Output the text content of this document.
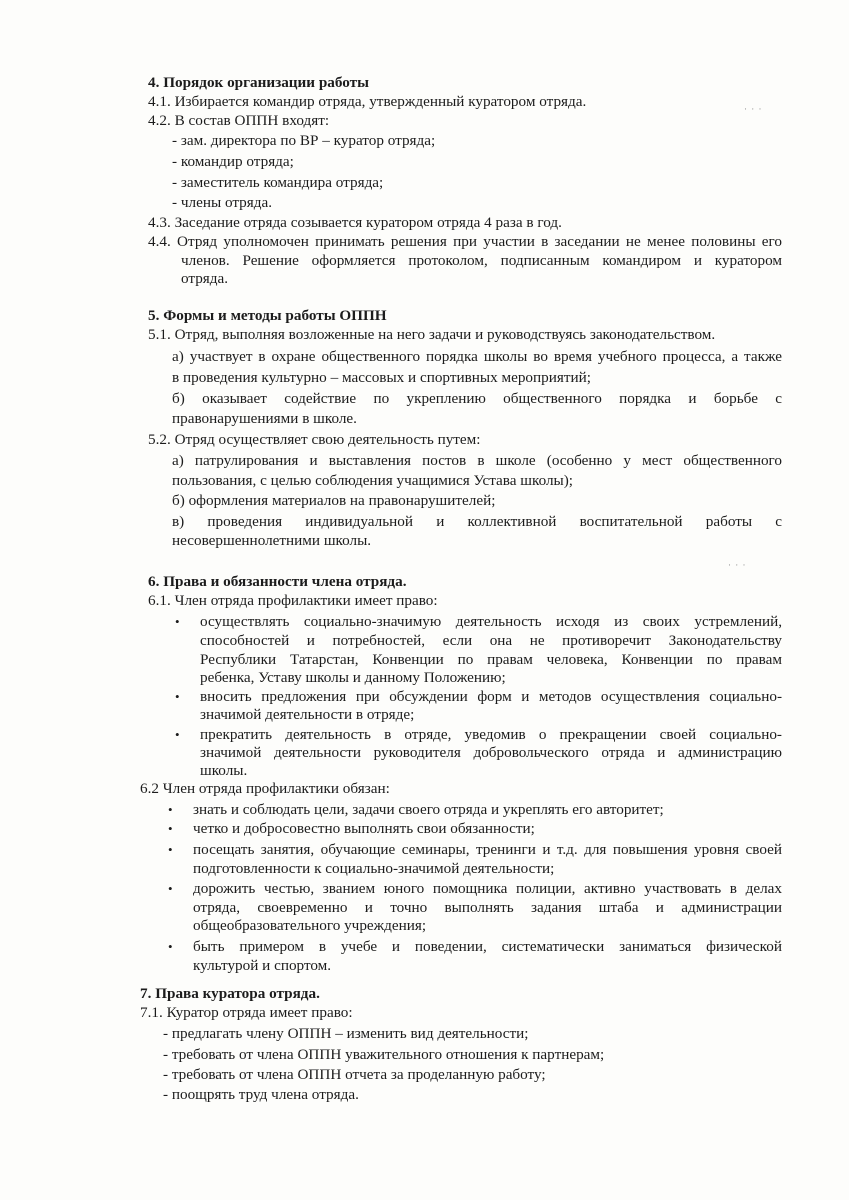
· · ·
· · ·
4. Порядок организации работы
4.1. Избирается командир отряда, утвержденный куратором отряда.
4.2. В состав ОППН входят:
- зам. директора по ВР – куратор отряда;
- командир отряда;
- заместитель командира отряда;
- члены отряда.
4.3. Заседание отряда созывается куратором отряда 4 раза в год.
4.4. Отряд уполномочен принимать решения при участии в заседании не менее половины его
членов. Решение оформляется протоколом, подписанным командиром и куратором
отряда.
5. Формы и методы работы ОППН
5.1. Отряд, выполняя возложенные на него задачи и руководствуясь законодательством.
а) участвует в охране общественного порядка школы во время учебного процесса, а также
в проведения культурно – массовых и спортивных мероприятий;
б) оказывает содействие по укреплению общественного порядка и борьбе с
правонарушениями в школе.
5.2. Отряд осуществляет свою деятельность путем:
а) патрулирования и выставления постов в школе (особенно у мест общественного
пользования, с целью соблюдения учащимися Устава школы);
б) оформления материалов на правонарушителей;
в) проведения индивидуальной и коллективной воспитательной работы с
несовершеннолетними школы.
6. Права и обязанности члена отряда.
6.1. Член отряда профилактики имеет право:
• осуществлять социально-значимую деятельность исходя из своих устремлений,
способностей и потребностей, если она не противоречит Законодательству
Республики Татарстан, Конвенции по правам человека, Конвенции по правам
ребенка, Уставу школы и данному Положению;
• вносить предложения при обсуждении форм и методов осуществления социально-
значимой деятельности в отряде;
• прекратить деятельность в отряде, уведомив о прекращении своей социально-
значимой деятельности руководителя добровольческого отряда и администрацию
школы.
6.2 Член отряда профилактики обязан:
• знать и соблюдать цели, задачи своего отряда и укреплять его авторитет;
• четко и добросовестно выполнять свои обязанности;
• посещать занятия, обучающие семинары, тренинги и т.д. для повышения уровня своей
подготовленности к социально-значимой деятельности;
• дорожить честью, званием юного помощника полиции, активно участвовать в делах
отряда, своевременно и точно выполнять задания штаба и администрации
общеобразовательного учреждения;
• быть примером в учебе и поведении, систематически заниматься физической
культурой и спортом.
7. Права куратора отряда.
7.1. Куратор отряда имеет право:
- предлагать члену ОППН – изменить вид деятельности;
- требовать от члена ОППН уважительного отношения к партнерам;
- требовать от члена ОППН отчета за проделанную работу;
- поощрять труд члена отряда.
